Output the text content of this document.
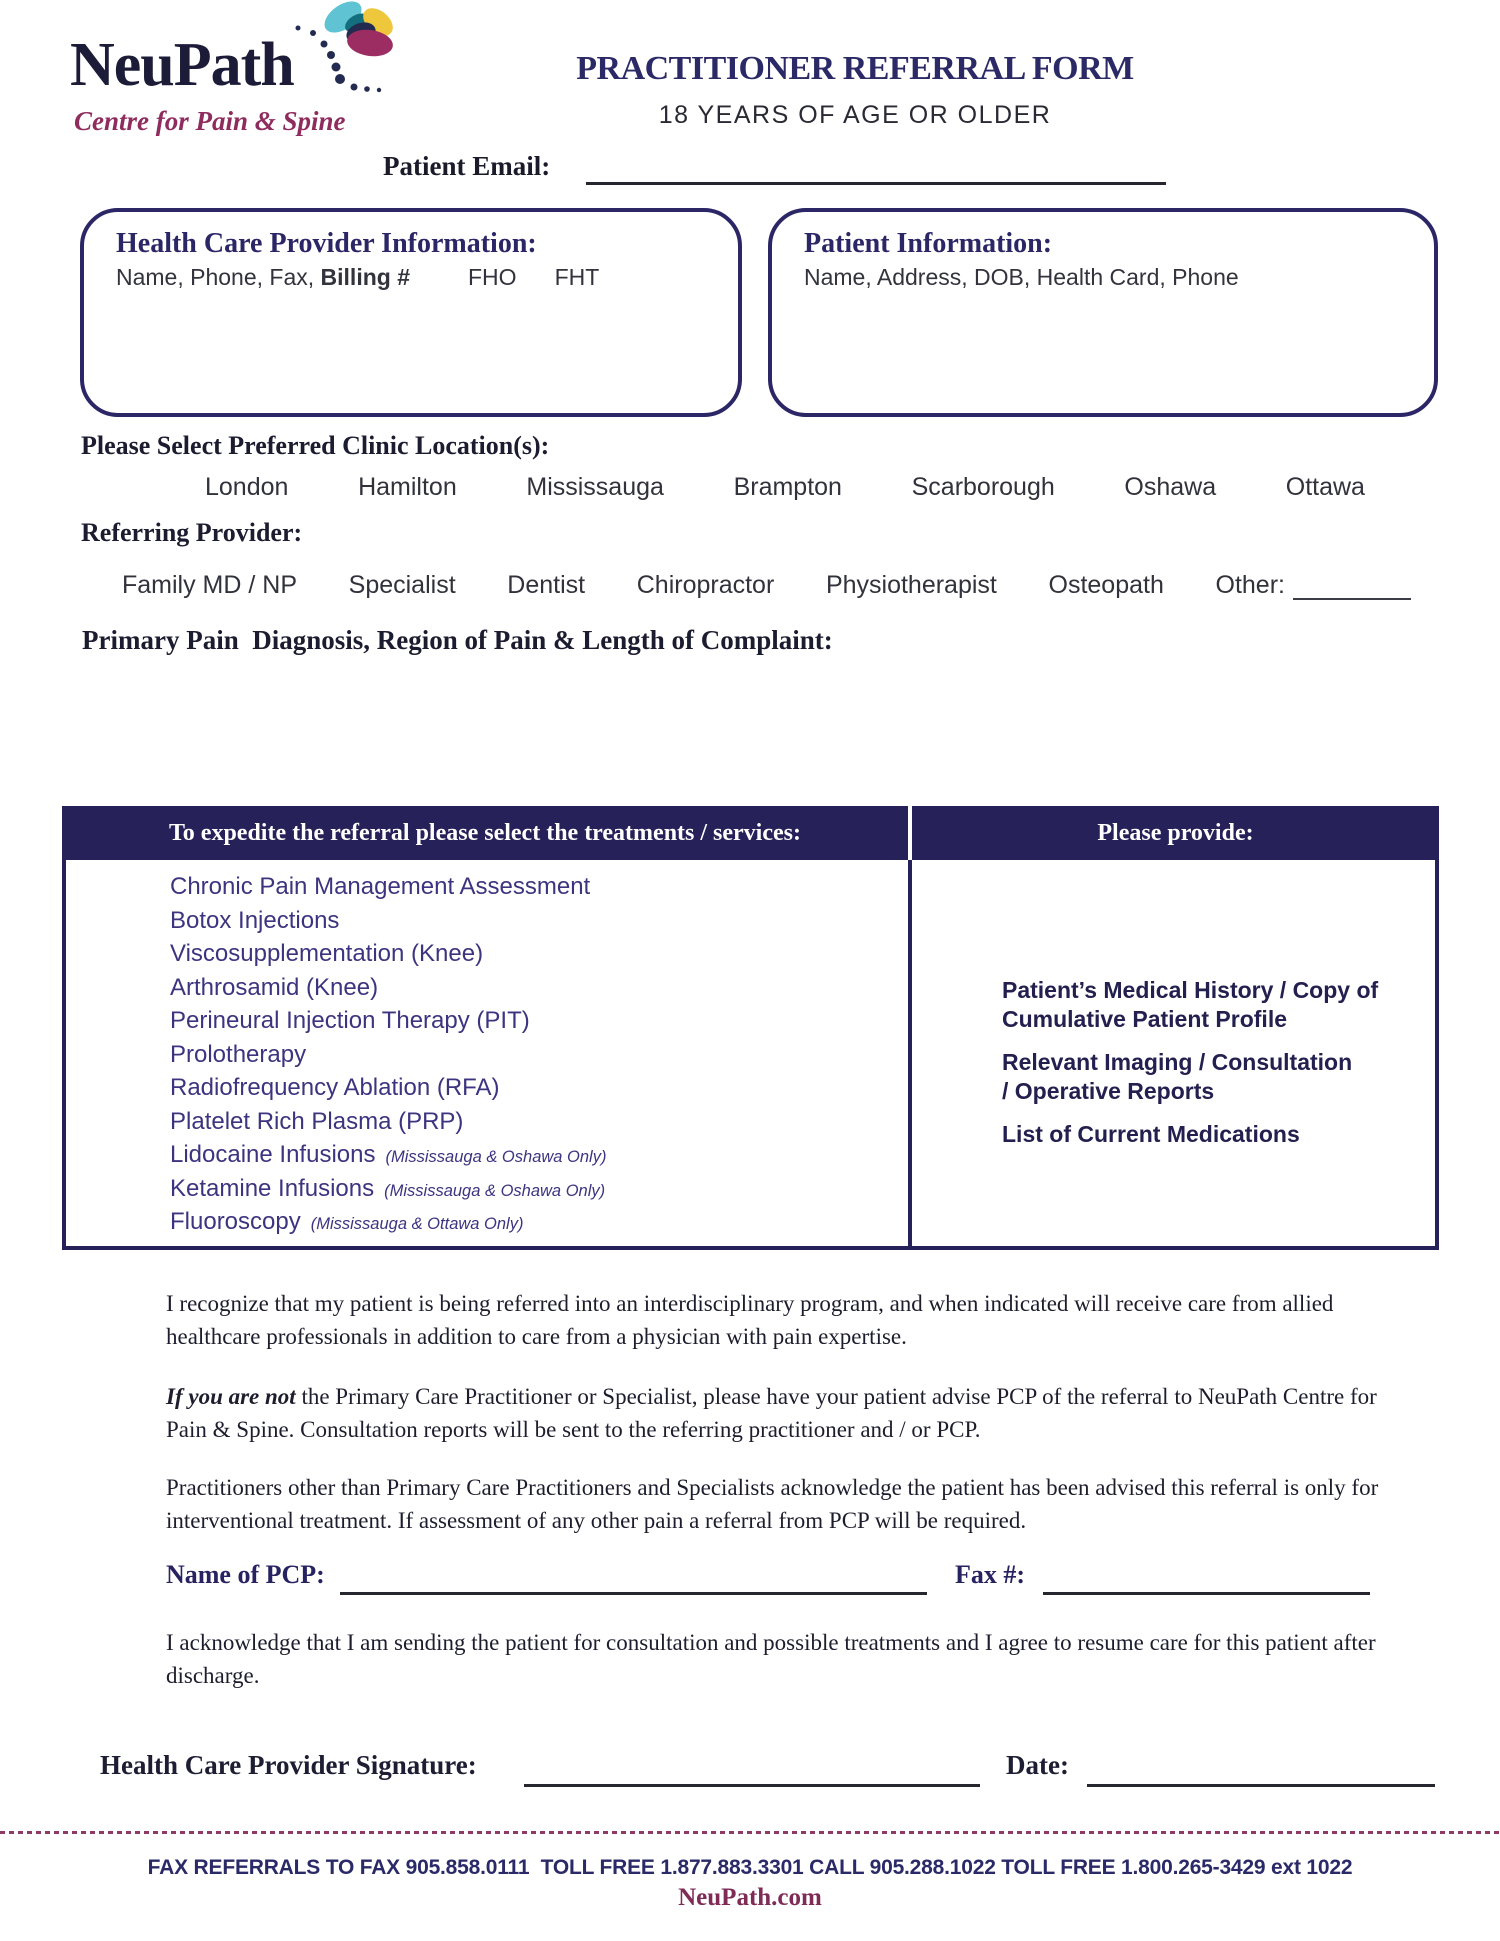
NeuPath
Centre for Pain & Spine
PRACTITIONER REFERRAL FORM
18 YEARS OF AGE OR OLDER
Patient Email:
Health Care Provider Information:
Name, Phone, Fax, Billing #	FHO FHT
Patient Information:
Name, Address, DOB, Health Card, Phone
Please Select Preferred Clinic Location(s):
London	Hamilton	Mississauga	Brampton	Scarborough	Oshawa	Ottawa
Referring Provider:
Family MD / NP Specialist Dentist Chiropractor Physiotherapist Osteopath Other:
Primary Pain  Diagnosis, Region of Pain & Length of Complaint:
To expedite the referral please select the treatments / services:	Please provide:
Chronic Pain Management Assessment
Botox Injections
Viscosupplementation (Knee)
Arthrosamid (Knee)
Perineural Injection Therapy (PIT)
Prolotherapy
Radiofrequency Ablation (RFA)
Platelet Rich Plasma (PRP)
Lidocaine Infusions (Mississauga & Oshawa Only)
Ketamine Infusions (Mississauga & Oshawa Only)
Fluoroscopy (Mississauga & Ottawa Only)
Patient’s Medical History / Copy of
Cumulative Patient Profile
Relevant Imaging / Consultation
/ Operative Reports
List of Current Medications
I recognize that my patient is being referred into an interdisciplinary program, and when indicated will receive care from allied healthcare professionals in addition to care from a physician with pain expertise.
If you are not the Primary Care Practitioner or Specialist, please have your patient advise PCP of the referral to NeuPath Centre for Pain & Spine. Consultation reports will be sent to the referring practitioner and / or PCP.
Practitioners other than Primary Care Practitioners and Specialists acknowledge the patient has been advised this referral is only for interventional treatment. If assessment of any other pain a referral from PCP will be required.
Name of PCP:	Fax #:
I acknowledge that I am sending the patient for consultation and possible treatments and I agree to resume care for this patient after discharge.
Health Care Provider Signature:	Date:
FAX REFERRALS TO FAX 905.858.0111  TOLL FREE 1.877.883.3301 CALL 905.288.1022 TOLL FREE 1.800.265-3429 ext 1022
NeuPath.com
